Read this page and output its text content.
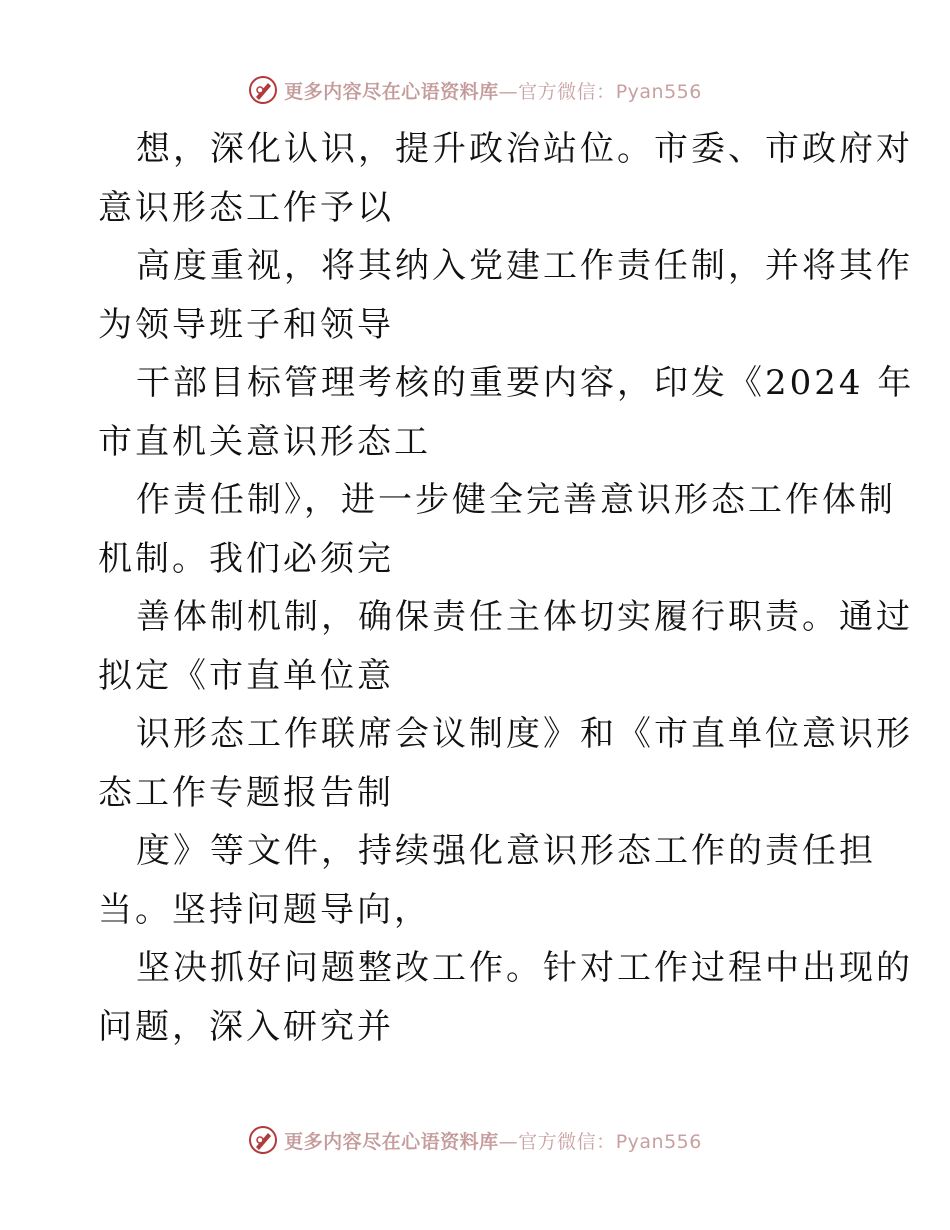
更多内容尽在心语资料库—官方微信：Pyan556
想，深化认识，提升政治站位。市委、市政府对
意识形态工作予以
高度重视，将其纳入党建工作责任制，并将其作
为领导班子和领导
干部目标管理考核的重要内容，印发《2024 年
市直机关意识形态工
作责任制》，进一步健全完善意识形态工作体制
机制。我们必须完
善体制机制，确保责任主体切实履行职责。通过
拟定《市直单位意
识形态工作联席会议制度》和《市直单位意识形
态工作专题报告制
度》等文件，持续强化意识形态工作的责任担
当。坚持问题导向，
坚决抓好问题整改工作。针对工作过程中出现的
问题，深入研究并
更多内容尽在心语资料库—官方微信：Pyan556
